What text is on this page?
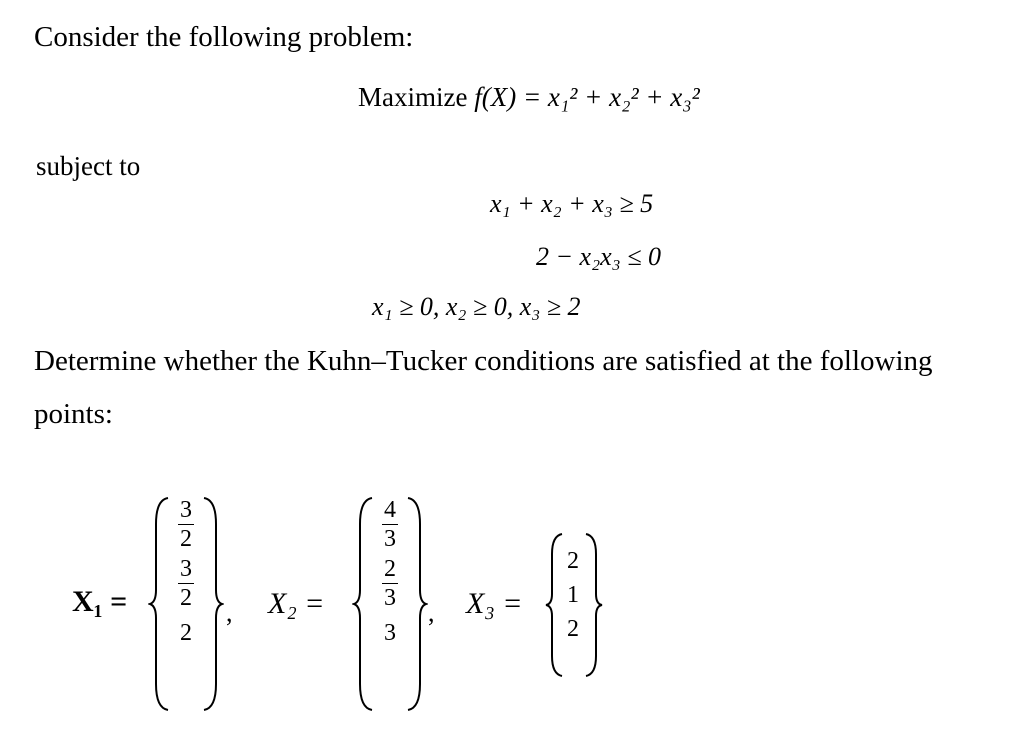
Consider the following problem:
Maximize f(X) = x₁² + x₂² + x₃²
subject to
x₁ + x₂ + x₃ ≥ 5
2 − x₂x₃ ≤ 0
x₁ ≥ 0, x₂ ≥ 0, x₃ ≥ 2
Determine whether the Kuhn–Tucker conditions are satisfied at the following
points:
X₁ =
$\frac{3}{2}$
$\frac{3}{2}$
2
, X₂ =
$\frac{4}{3}$
$\frac{2}{3}$
3
, X₃ =
2
1
2
